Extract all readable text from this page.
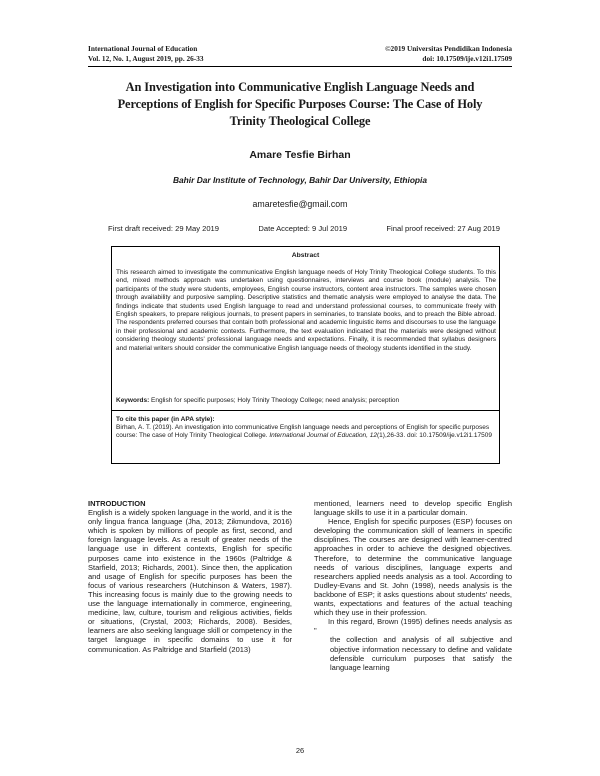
International Journal of Education
Vol. 12, No. 1, August 2019, pp. 26-33
©2019 Universitas Pendidikan Indonesia
doi: 10.17509/ije.v12i1.17509
An Investigation into Communicative English Language Needs and Perceptions of English for Specific Purposes Course: The Case of Holy Trinity Theological College
Amare Tesfie Birhan
Bahir Dar Institute of Technology, Bahir Dar University, Ethiopia
amaretesfie@gmail.com
First draft received: 29 May 2019	Date Accepted: 9 Jul 2019	Final proof received: 27 Aug 2019
Abstract
This research aimed to investigate the communicative English language needs of Holy Trinity Theological College students. To this end, mixed methods approach was undertaken using questionnaires, interviews and course book (module) analysis. The participants of the study were students, employees, English course instructors, content area instructors. The samples were chosen through availability and purposive sampling. Descriptive statistics and thematic analysis were employed to analyse the data. The findings indicate that students used English language to read and understand professional courses, to communicate freely with English speakers, to prepare religious journals, to present papers in seminaries, to translate books, and to preach the Bible abroad. The respondents preferred courses that contain both professional and academic linguistic items and discourses to use the language in their professional and academic contexts. Furthermore, the text evaluation indicated that the materials were designed without considering theology students' professional language needs and expectations. Finally, it is recommended that syllabus designers and material writers should consider the communicative English language needs of theology students identified in the study.
Keywords: English for specific purposes; Holy Trinity Theology College; need analysis; perception
To cite this paper (in APA style):
Birhan, A. T. (2019). An investigation into communicative English language needs and perceptions of English for specific purposes course: The case of Holy Trinity Theological College. International Journal of Education, 12(1),26-33. doi: 10.17509/ije.v12i1.17509
INTRODUCTION

English is a widely spoken language in the world, and it is the only lingua franca language (Jha, 2013; Zikmundova, 2016) which is spoken by millions of people as first, second, and foreign language levels. As a result of greater needs of the language use in different contexts, English for specific purposes came into existence in the 1960s (Paltridge & Starfield, 2013; Richards, 2001). Since then, the application and usage of English for specific purposes has been the focus of various researchers (Hutchinson & Waters, 1987). This increasing focus is mainly due to the growing needs to use the language internationally in commerce, engineering, medicine, law, culture, tourism and religious activities, fields or situations, (Crystal, 2003; Richards, 2008). Besides, learners are also seeking language skill or competency in the target language in specific domains to use it for communication. As Paltridge and Starfield (2013)

mentioned, learners need to develop specific English language skills to use it in a particular domain.

Hence, English for specific purposes (ESP) focuses on developing the communication skill of learners in specific disciplines. The courses are designed with learner-centred approaches in order to achieve the designed objectives. Therefore, to determine the communicative language needs of various disciplines, language experts and researchers applied needs analysis as a tool. According to Dudley-Evans and St. John (1998), needs analysis is the backbone of ESP; it asks questions about students' needs, wants, expectations and features of the actual teaching which they use in their profession.

In this regard, Brown (1995) defines needs analysis as "

the collection and analysis of all subjective and objective information necessary to define and validate defensible curriculum purposes that satisfy the language learning

26
